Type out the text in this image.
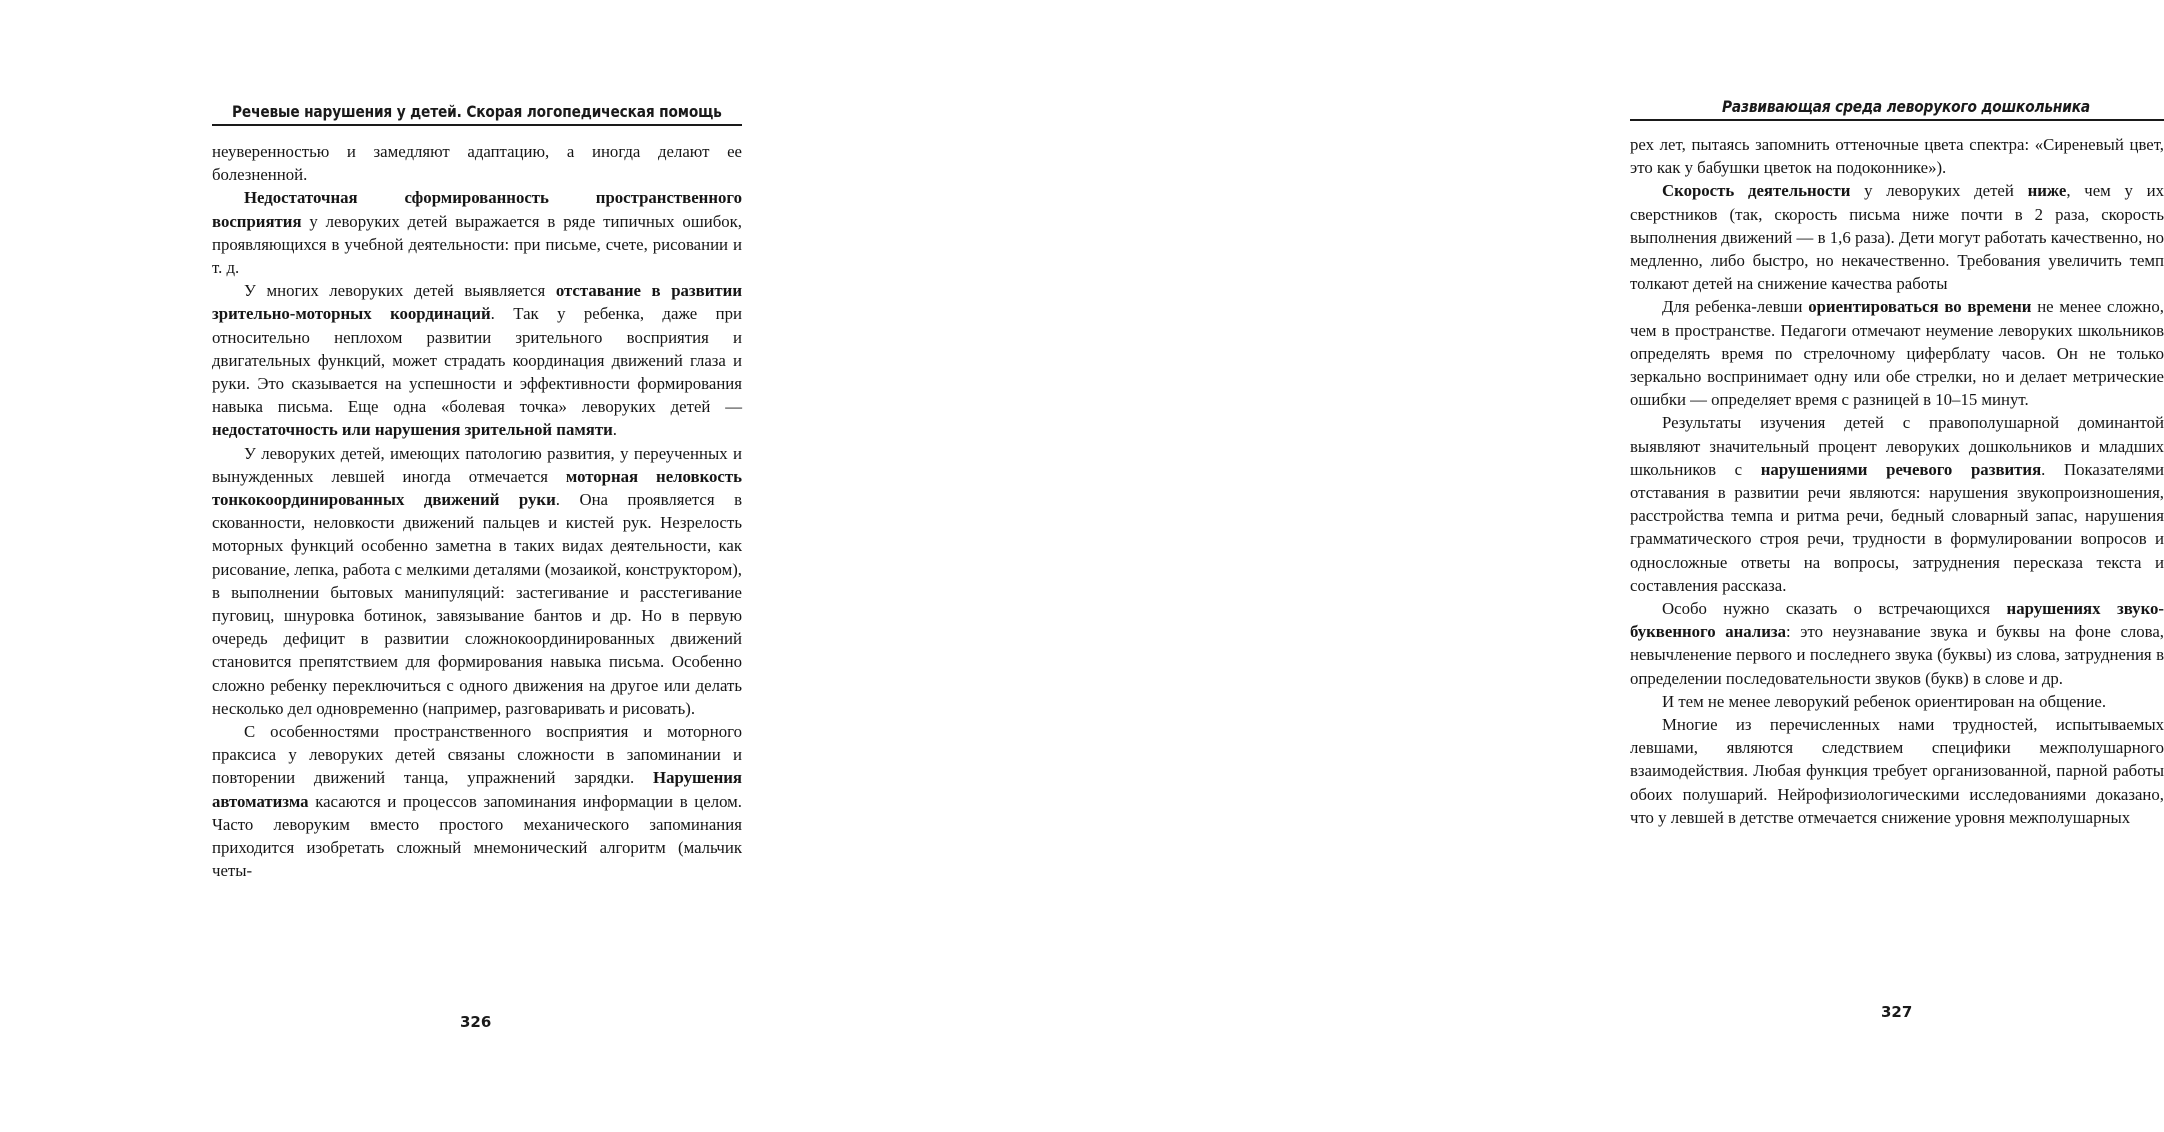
Речевые нарушения у детей. Скорая логопедическая помощь

неуверенностью и замедляют адаптацию, а иногда делают ее болезненной.

Недостаточная сформированность пространственного восприятия у леворуких детей выражается в ряде типичных ошибок, проявляющихся в учебной деятельности: при письме, счете, рисовании и т. д.

У многих леворуких детей выявляется отставание в развитии зрительно-моторных координаций. Так у ребенка, даже при относительно неплохом развитии зрительного восприятия и двигательных функций, может страдать координация движений глаза и руки. Это сказывается на успешности и эффективности формирования навыка письма. Еще одна «болевая точка» леворуких детей — недостаточность или нарушения зрительной памяти.

У леворуких детей, имеющих патологию развития, у переученных и вынужденных левшей иногда отмечается моторная неловкость тонкокоординированных движений руки. Она проявляется в скованности, неловкости движений пальцев и кистей рук. Незрелость моторных функций особенно заметна в таких видах деятельности, как рисование, лепка, работа с мелкими деталями (мозаикой, конструктором), в выполнении бытовых манипуляций: застегивание и расстегивание пуговиц, шнуровка ботинок, завязывание бантов и др. Но в первую очередь дефицит в развитии сложнокоординированных движений становится препятствием для формирования навыка письма. Особенно сложно ребенку переключиться с одного движения на другое или делать несколько дел одновременно (например, разговаривать и рисовать).

С особенностями пространственного восприятия и моторного праксиса у леворуких детей связаны сложности в запоминании и повторении движений танца, упражнений зарядки. Нарушения автоматизма касаются и процессов запоминания информации в целом. Часто леворуким вместо простого механического запоминания приходится изобретать сложный мнемонический алгоритм (мальчик четы-

326
Развивающая среда леворукого дошкольника

рех лет, пытаясь запомнить оттеночные цвета спектра: «Сиреневый цвет, это как у бабушки цветок на подоконнике»).

Скорость деятельности у леворуких детей ниже, чем у их сверстников (так, скорость письма ниже почти в 2 раза, скорость выполнения движений — в 1,6 раза). Дети могут работать качественно, но медленно, либо быстро, но некачественно. Требования увеличить темп толкают детей на снижение качества работы

Для ребенка-левши ориентироваться во времени не менее сложно, чем в пространстве. Педагоги отмечают неумение леворуких школьников определять время по стрелочному циферблату часов. Он не только зеркально воспринимает одну или обе стрелки, но и делает метрические ошибки — определяет время с разницей в 10–15 минут.

Результаты изучения детей с правополушарной доминантой выявляют значительный процент леворуких дошкольников и младших школьников с нарушениями речевого развития. Показателями отставания в развитии речи являются: нарушения звукопроизношения, расстройства темпа и ритма речи, бедный словарный запас, нарушения грамматического строя речи, трудности в формулировании вопросов и односложные ответы на вопросы, затруднения пересказа текста и составления рассказа.

Особо нужно сказать о встречающихся нарушениях звуко-буквенного анализа: это неузнавание звука и буквы на фоне слова, невычленение первого и последнего звука (буквы) из слова, затруднения в определении последовательности звуков (букв) в слове и др.

И тем не менее леворукий ребенок ориентирован на общение.

Многие из перечисленных нами трудностей, испытываемых левшами, являются следствием специфики межполушарного взаимодействия. Любая функция требует организованной, парной работы обоих полушарий. Нейрофизиологическими исследованиями доказано, что у левшей в детстве отмечается снижение уровня межполушарных

327
